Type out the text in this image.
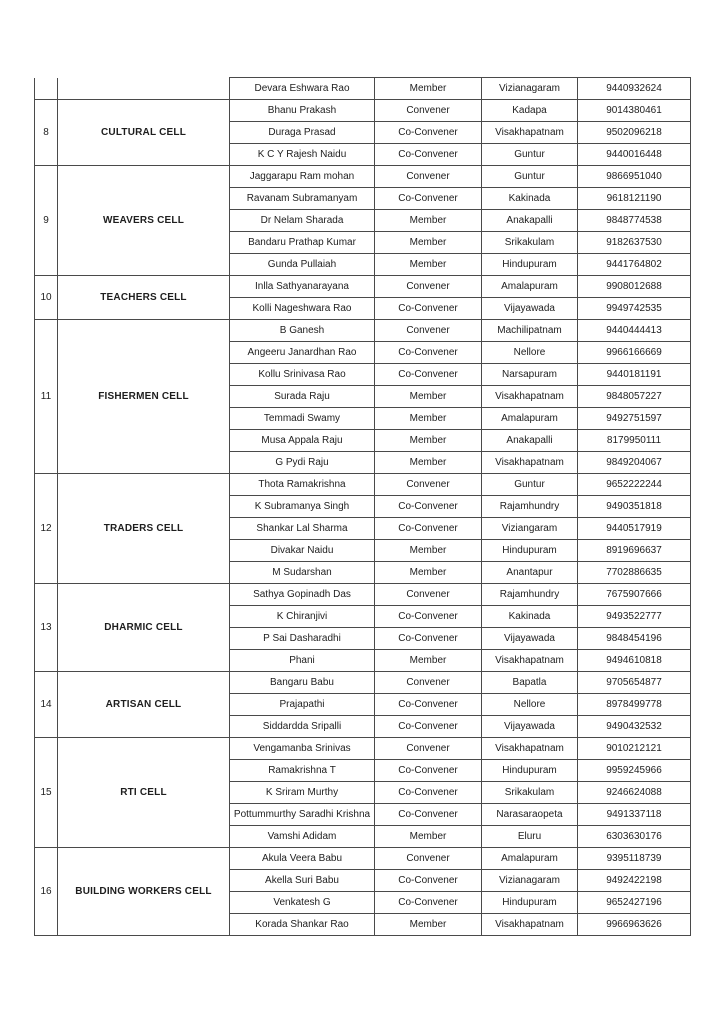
		Devara Eshwara Rao	Member	Vizianagaram	9440932624
8	CULTURAL CELL	Bhanu Prakash	Convener	Kadapa	9014380461
		Duraga Prasad	Co-Convener	Visakhapatnam	9502096218
		K C Y Rajesh Naidu	Co-Convener	Guntur	9440016448
9	WEAVERS CELL	Jaggarapu Ram mohan	Convener	Guntur	9866951040
		Ravanam Subramanyam	Co-Convener	Kakinada	9618121190
		Dr Nelam Sharada	Member	Anakapalli	9848774538
		Bandaru Prathap Kumar	Member	Srikakulam	9182637530
		Gunda Pullaiah	Member	Hindupuram	9441764802
10	TEACHERS CELL	Inlla Sathyanarayana	Convener	Amalapuram	9908012688
		Kolli Nageshwara Rao	Co-Convener	Vijayawada	9949742535
11	FISHERMEN CELL	B Ganesh	Convener	Machilipatnam	9440444413
		Angeeru Janardhan Rao	Co-Convener	Nellore	9966166669
		Kollu Srinivasa Rao	Co-Convener	Narsapuram	9440181191
		Surada Raju	Member	Visakhapatnam	9848057227
		Temmadi Swamy	Member	Amalapuram	9492751597
		Musa Appala Raju	Member	Anakapalli	8179950111
		G Pydi Raju	Member	Visakhapatnam	9849204067
12	TRADERS CELL	Thota Ramakrishna	Convener	Guntur	9652222244
		K Subramanya Singh	Co-Convener	Rajamhundry	9490351818
		Shankar Lal Sharma	Co-Convener	Viziangaram	9440517919
		Divakar Naidu	Member	Hindupuram	8919696637
		M Sudarshan	Member	Anantapur	7702886635
13	DHARMIC CELL	Sathya Gopinadh Das	Convener	Rajamhundry	7675907666
		K Chiranjivi	Co-Convener	Kakinada	9493522777
		P Sai Dasharadhi	Co-Convener	Vijayawada	9848454196
		Phani	Member	Visakhapatnam	9494610818
14	ARTISAN CELL	Bangaru Babu	Convener	Bapatla	9705654877
		Prajapathi	Co-Convener	Nellore	8978499778
		Siddardda Sripalli	Co-Convener	Vijayawada	9490432532
15	RTI CELL	Vengamanba Srinivas	Convener	Visakhapatnam	9010212121
		Ramakrishna T	Co-Convener	Hindupuram	9959245966
		K Sriram Murthy	Co-Convener	Srikakulam	9246624088
		Pottummurthy Saradhi Krishna	Co-Convener	Narasaraopeta	9491337118
		Vamshi Adidam	Member	Eluru	6303630176
16	BUILDING WORKERS CELL	Akula Veera Babu	Convener	Amalapuram	9395118739
		Akella Suri Babu	Co-Convener	Vizianagaram	9492422198
		Venkatesh G	Co-Convener	Hindupuram	9652427196
		Korada Shankar Rao	Member	Visakhapatnam	9966963626
